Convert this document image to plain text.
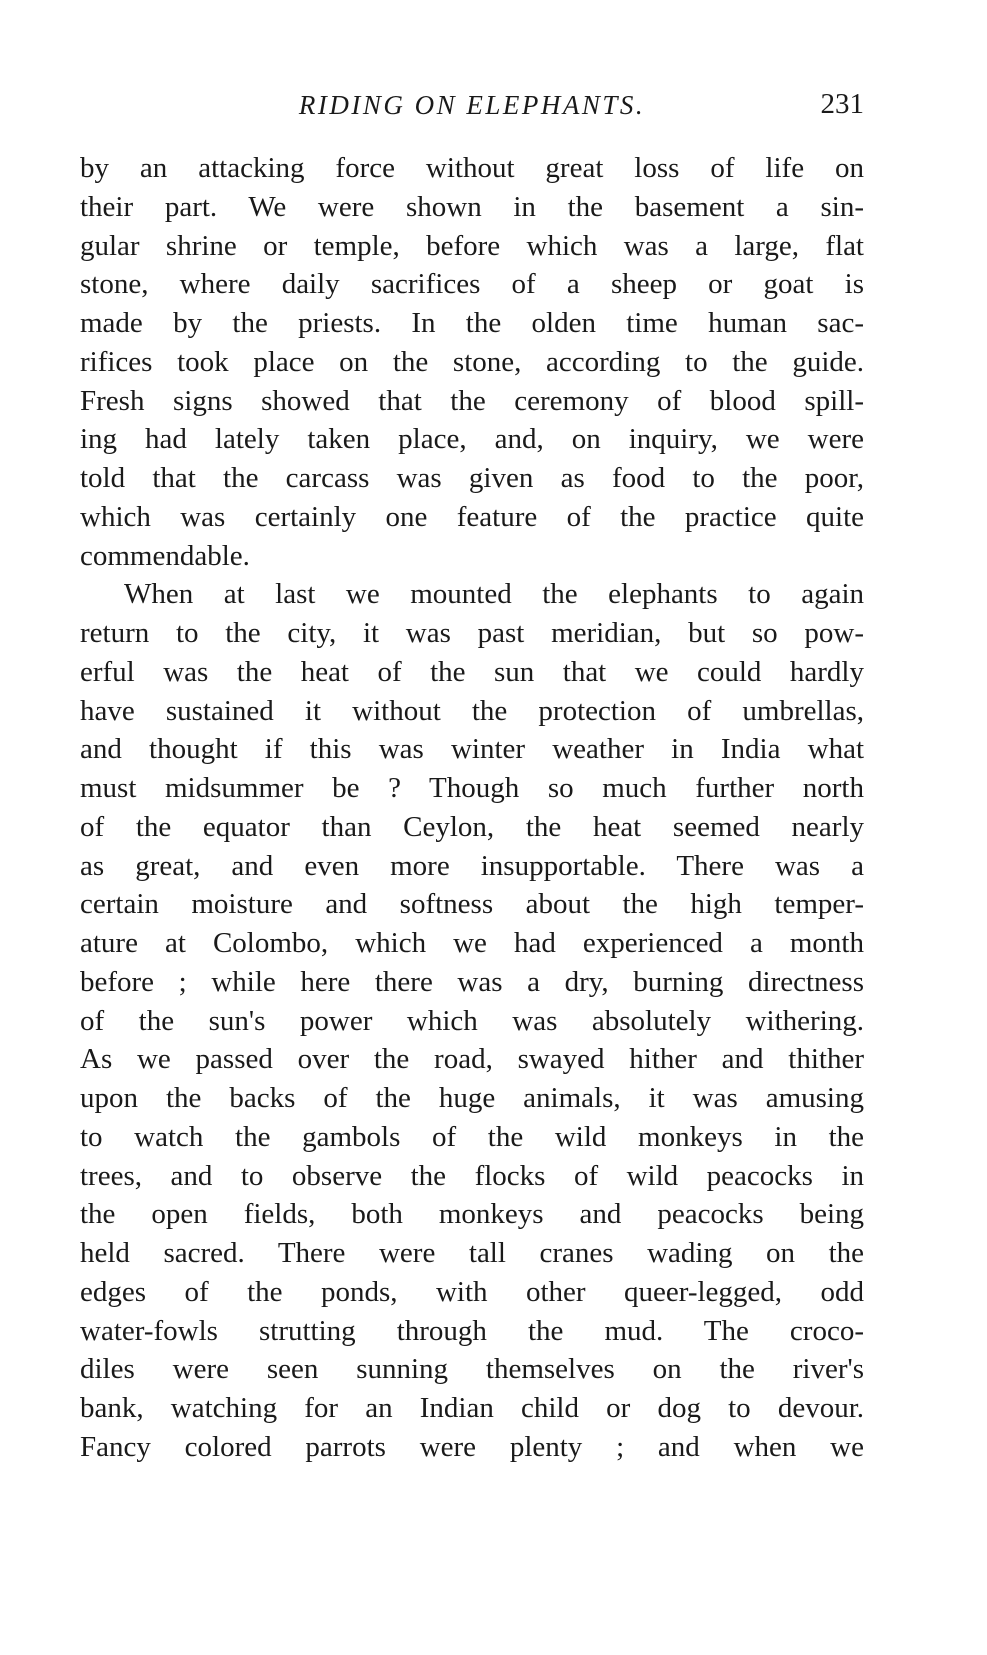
RIDING ON ELEPHANTS.	231
by an attacking force without great loss of life on
their part. We were shown in the basement a sin-
gular shrine or temple, before which was a large, flat
stone, where daily sacrifices of a sheep or goat is
made by the priests. In the olden time human sac-
rifices took place on the stone, according to the guide.
Fresh signs showed that the ceremony of blood spill-
ing had lately taken place, and, on inquiry, we were
told that the carcass was given as food to the poor,
which was certainly one feature of the practice quite
commendable.
When at last we mounted the elephants to again
return to the city, it was past meridian, but so pow-
erful was the heat of the sun that we could hardly
have sustained it without the protection of umbrellas,
and thought if this was winter weather in India what
must midsummer be ? Though so much further north
of the equator than Ceylon, the heat seemed nearly
as great, and even more insupportable. There was a
certain moisture and softness about the high temper-
ature at Colombo, which we had experienced a month
before ; while here there was a dry, burning directness
of the sun's power which was absolutely withering.
As we passed over the road, swayed hither and thither
upon the backs of the huge animals, it was amusing
to watch the gambols of the wild monkeys in the
trees, and to observe the flocks of wild peacocks in
the open fields, both monkeys and peacocks being
held sacred. There were tall cranes wading on the
edges of the ponds, with other queer-legged, odd
water-fowls strutting through the mud. The croco-
diles were seen sunning themselves on the river's
bank, watching for an Indian child or dog to devour.
Fancy colored parrots were plenty ; and when we
